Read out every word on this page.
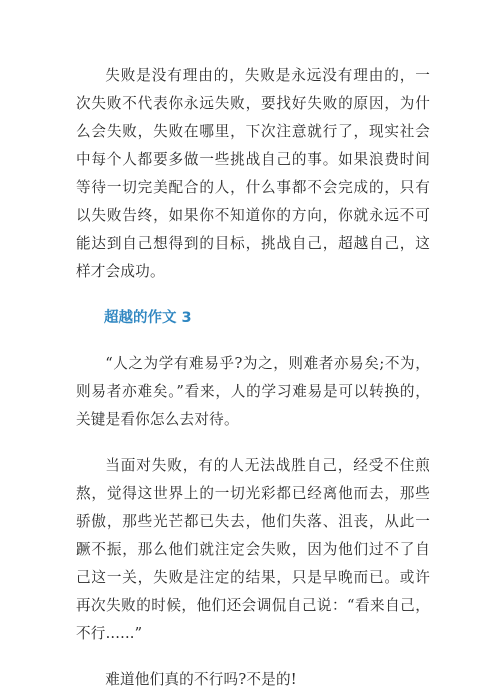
失败是没有理由的，失败是永远没有理由的，一次失败不代表你永远失败，要找好失败的原因，为什么会失败，失败在哪里，下次注意就行了，现实社会中每个人都要多做一些挑战自己的事。如果浪费时间等待一切完美配合的人，什么事都不会完成的，只有以失败告终，如果你不知道你的方向，你就永远不可能达到自己想得到的目标，挑战自己，超越自己，这样才会成功。

超越的作文 3

“人之为学有难易乎?为之，则难者亦易矣;不为，则易者亦难矣。”看来，人的学习难易是可以转换的，关键是看你怎么去对待。

当面对失败，有的人无法战胜自己，经受不住煎熬，觉得这世界上的一切光彩都已经离他而去，那些骄傲，那些光芒都已失去，他们失落、沮丧，从此一蹶不振，那么他们就注定会失败，因为他们过不了自己这一关，失败是注定的结果，只是早晚而已。或许再次失败的时候，他们还会调侃自己说：“看来自己，不行......”

难道他们真的不行吗?不是的!
